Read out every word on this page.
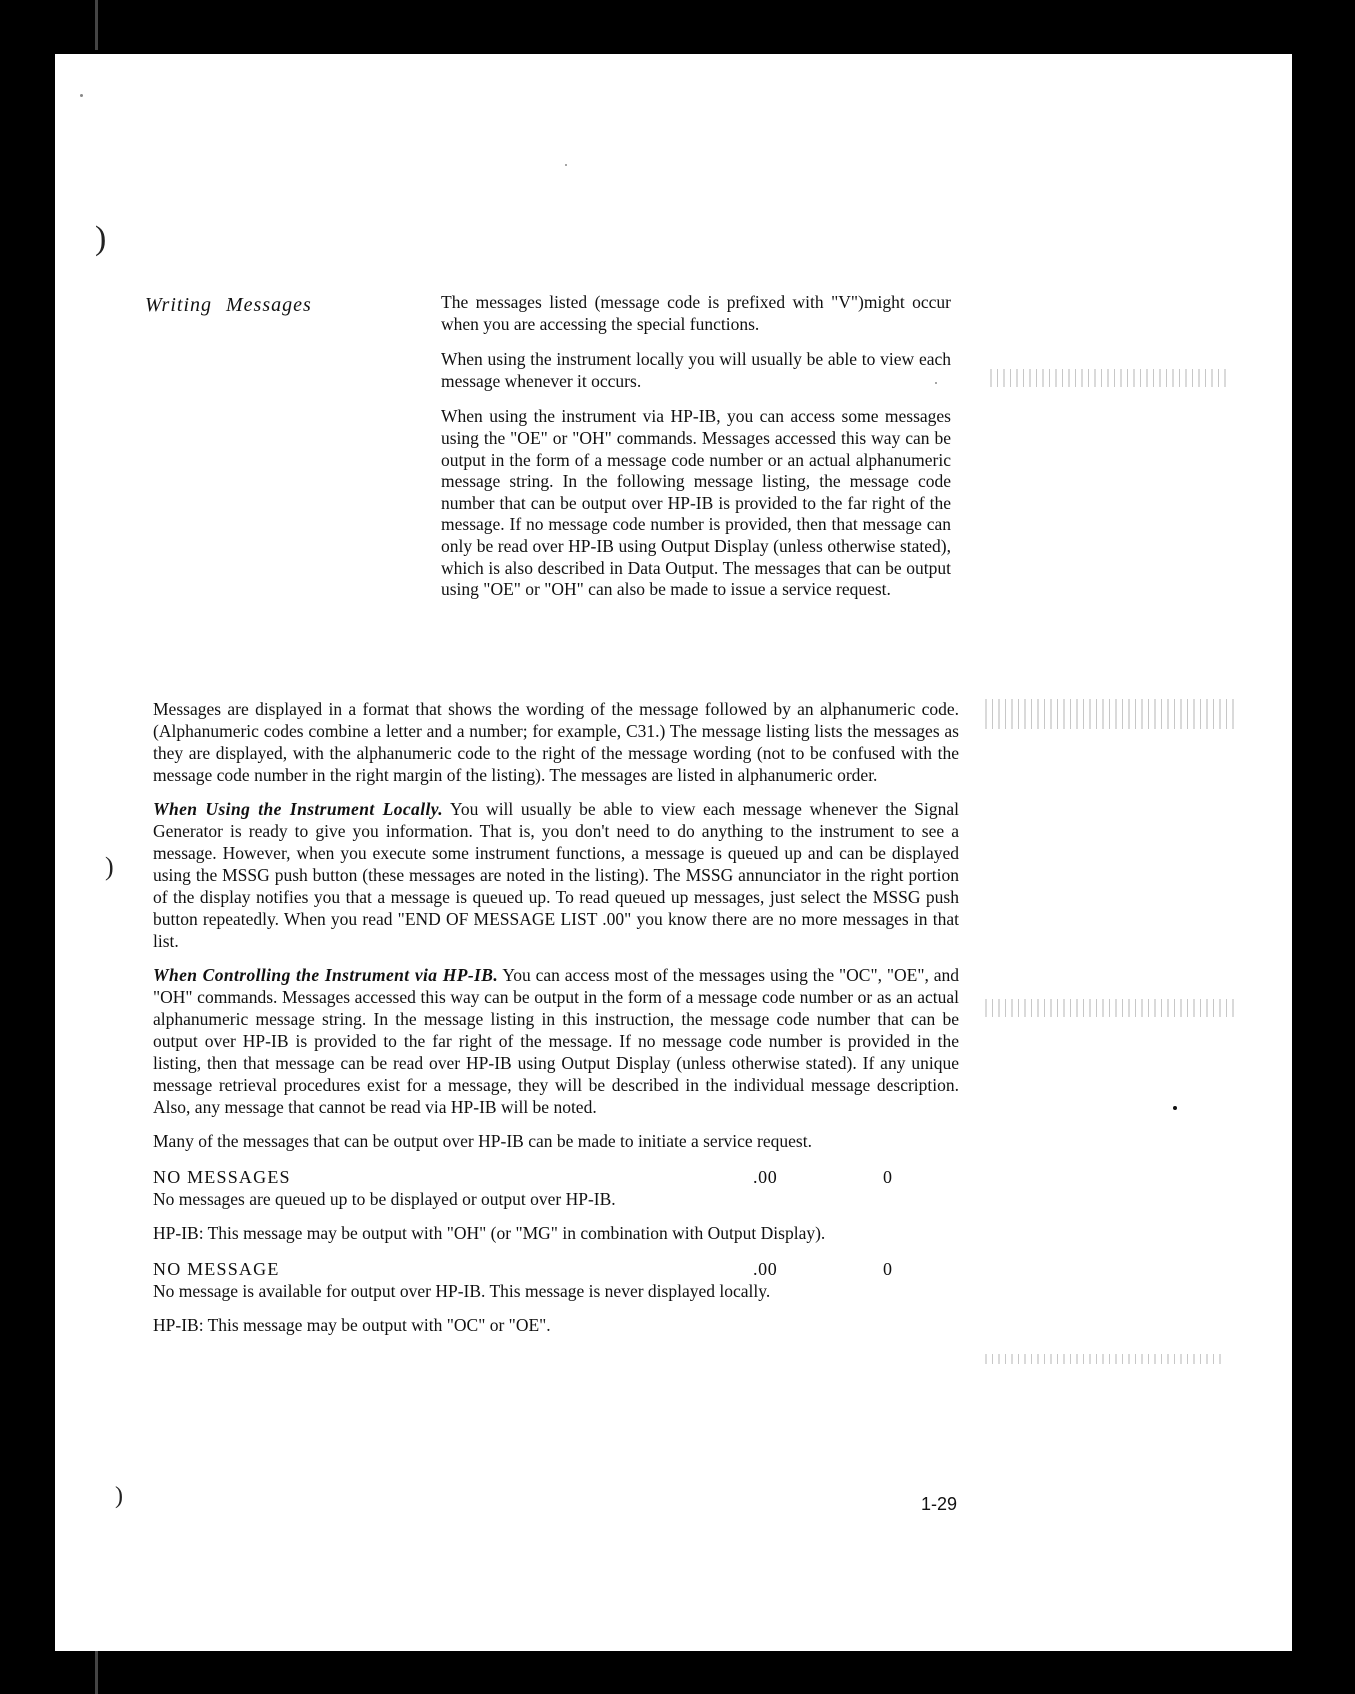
)
)
)
Writing Messages	The messages listed (message code is prefixed with "V")might occur when you are accessing the special functions.

When using the instrument locally you will usually be able to view each message whenever it occurs.

When using the instrument via HP-IB, you can access some messages using the "OE" or "OH" commands. Messages accessed this way can be output in the form of a message code number or an actual alphanumeric message string. In the following message listing, the message code number that can be output over HP-IB is provided to the far right of the message. If no message code number is provided, then that message can only be read over HP-IB using Output Display (unless otherwise stated), which is also described in Data Output. The messages that can be output using "OE" or "OH" can also be made to issue a service request.

Messages are displayed in a format that shows the wording of the message followed by an alphanumeric code. (Alphanumeric codes combine a letter and a number; for example, C31.) The message listing lists the messages as they are displayed, with the alphanumeric code to the right of the message wording (not to be confused with the message code number in the right margin of the listing). The messages are listed in alphanumeric order.

When Using the Instrument Locally. You will usually be able to view each message whenever the Signal Generator is ready to give you information. That is, you don't need to do anything to the instrument to see a message. However, when you execute some instrument functions, a message is queued up and can be displayed using the MSSG push button (these messages are noted in the listing). The MSSG annunciator in the right portion of the display notifies you that a message is queued up. To read queued up messages, just select the MSSG push button repeatedly. When you read "END OF MESSAGE LIST .00" you know there are no more messages in that list.

When Controlling the Instrument via HP-IB. You can access most of the messages using the "OC", "OE", and "OH" commands. Messages accessed this way can be output in the form of a message code number or as an actual alphanumeric message string. In the message listing in this instruction, the message code number that can be output over HP-IB is provided to the far right of the message. If no message code number is provided in the listing, then that message can be read over HP-IB using Output Display (unless otherwise stated). If any unique message retrieval procedures exist for a message, they will be described in the individual message description. Also, any message that cannot be read via HP-IB will be noted.

Many of the messages that can be output over HP-IB can be made to initiate a service request.

NO MESSAGES	.00	0

No messages are queued up to be displayed or output over HP-IB.

HP-IB: This message may be output with "OH" (or "MG" in combination with Output Display).

NO MESSAGE	.00	0

No message is available for output over HP-IB. This message is never displayed locally.

HP-IB: This message may be output with "OC" or "OE".

1-29
